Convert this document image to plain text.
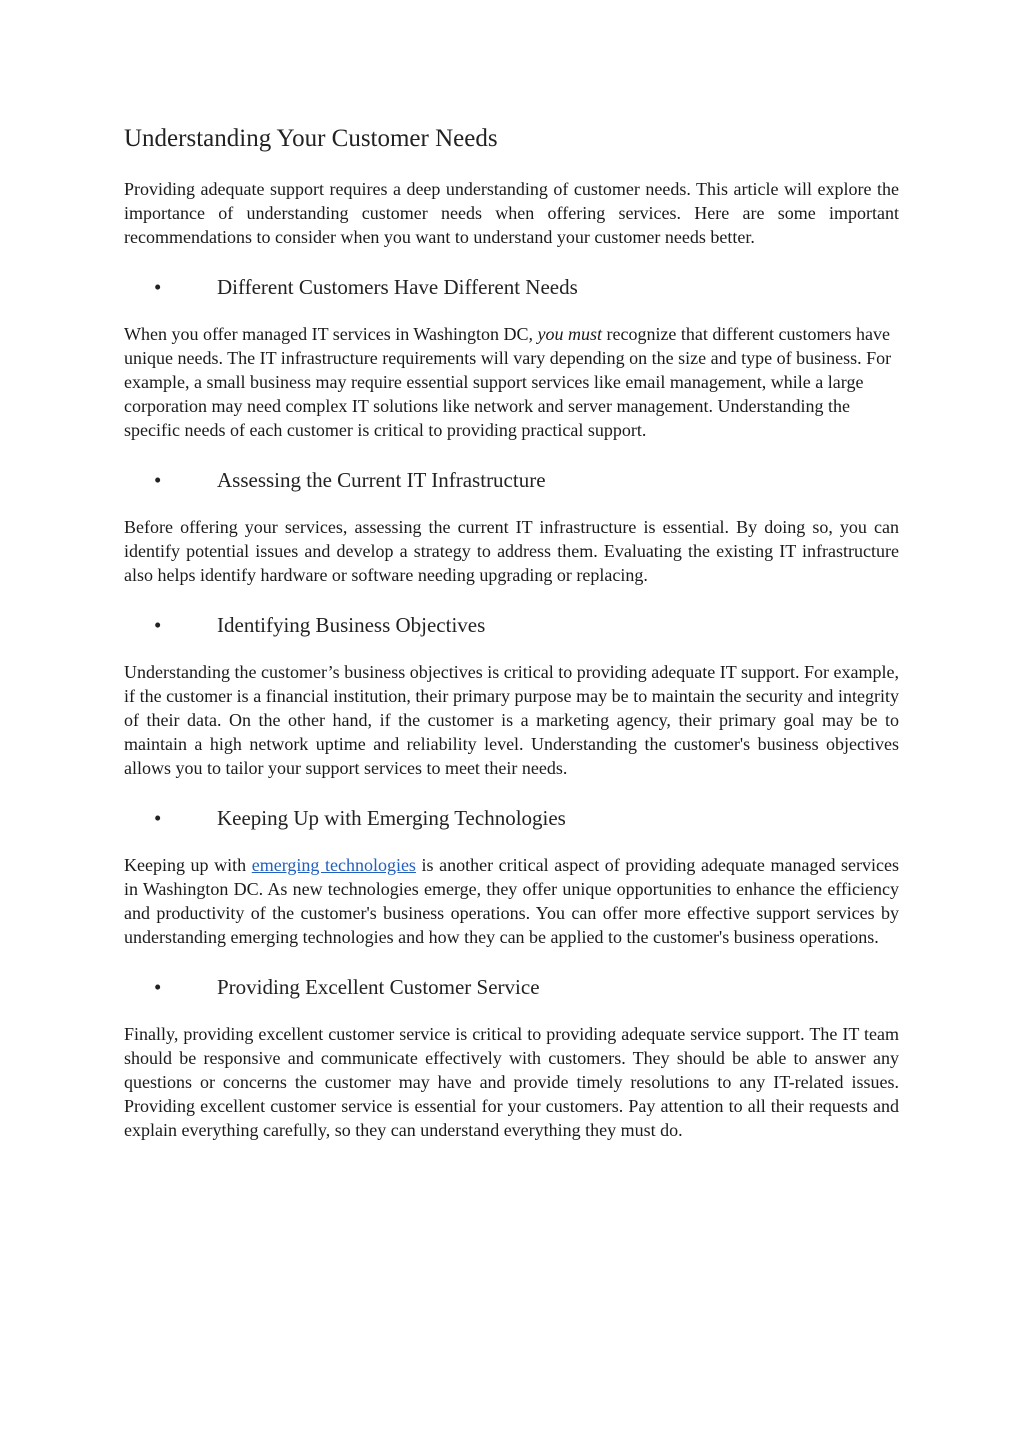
Understanding Your Customer Needs

Providing adequate support requires a deep understanding of customer needs. This article will explore the importance of understanding customer needs when offering services. Here are some important recommendations to consider when you want to understand your customer needs better.

•	Different Customers Have Different Needs

When you offer managed IT services in Washington DC, you must recognize that different customers have unique needs. The IT infrastructure requirements will vary depending on the size and type of business. For example, a small business may require essential support services like email management, while a large corporation may need complex IT solutions like network and server management. Understanding the specific needs of each customer is critical to providing practical support.

•	Assessing the Current IT Infrastructure

Before offering your services, assessing the current IT infrastructure is essential. By doing so, you can identify potential issues and develop a strategy to address them. Evaluating the existing IT infrastructure also helps identify hardware or software needing upgrading or replacing.

•	Identifying Business Objectives

Understanding the customer’s business objectives is critical to providing adequate IT support. For example, if the customer is a financial institution, their primary purpose may be to maintain the security and integrity of their data. On the other hand, if the customer is a marketing agency, their primary goal may be to maintain a high network uptime and reliability level. Understanding the customer's business objectives allows you to tailor your support services to meet their needs.

•	Keeping Up with Emerging Technologies

Keeping up with emerging technologies is another critical aspect of providing adequate managed services in Washington DC. As new technologies emerge, they offer unique opportunities to enhance the efficiency and productivity of the customer's business operations. You can offer more effective support services by understanding emerging technologies and how they can be applied to the customer's business operations.

•	Providing Excellent Customer Service

Finally, providing excellent customer service is critical to providing adequate service support. The IT team should be responsive and communicate effectively with customers. They should be able to answer any questions or concerns the customer may have and provide timely resolutions to any IT-related issues. Providing excellent customer service is essential for your customers. Pay attention to all their requests and explain everything carefully, so they can understand everything they must do.
